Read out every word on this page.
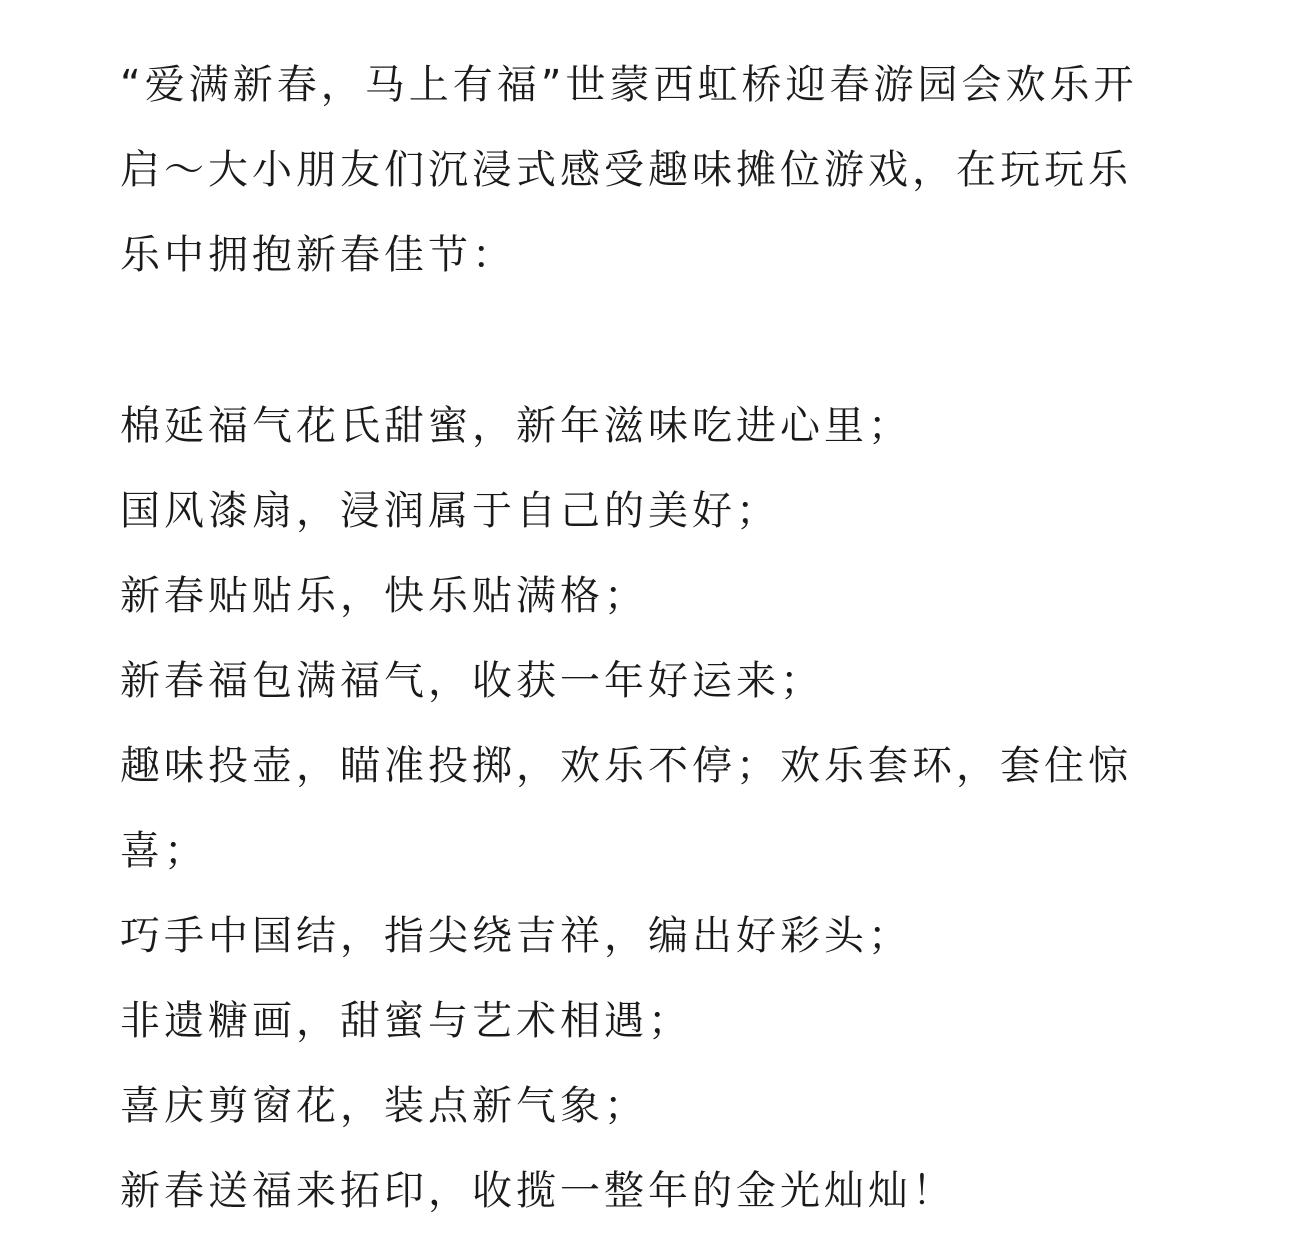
“爱满新春，马上有福”世蒙西虹桥迎春游园会欢乐开启～大小朋友们沉浸式感受趣味摊位游戏，在玩玩乐乐中拥抱新春佳节：

棉延福气花氏甜蜜，新年滋味吃进心里；

国风漆扇，浸润属于自己的美好；

新春贴贴乐，快乐贴满格；

新春福包满福气，收获一年好运来；

趣味投壶，瞄准投掷，欢乐不停；欢乐套环，套住惊喜；

巧手中国结，指尖绕吉祥，编出好彩头；

非遗糖画，甜蜜与艺术相遇；

喜庆剪窗花，装点新气象；

新春送福来拓印，收揽一整年的金光灿灿！
